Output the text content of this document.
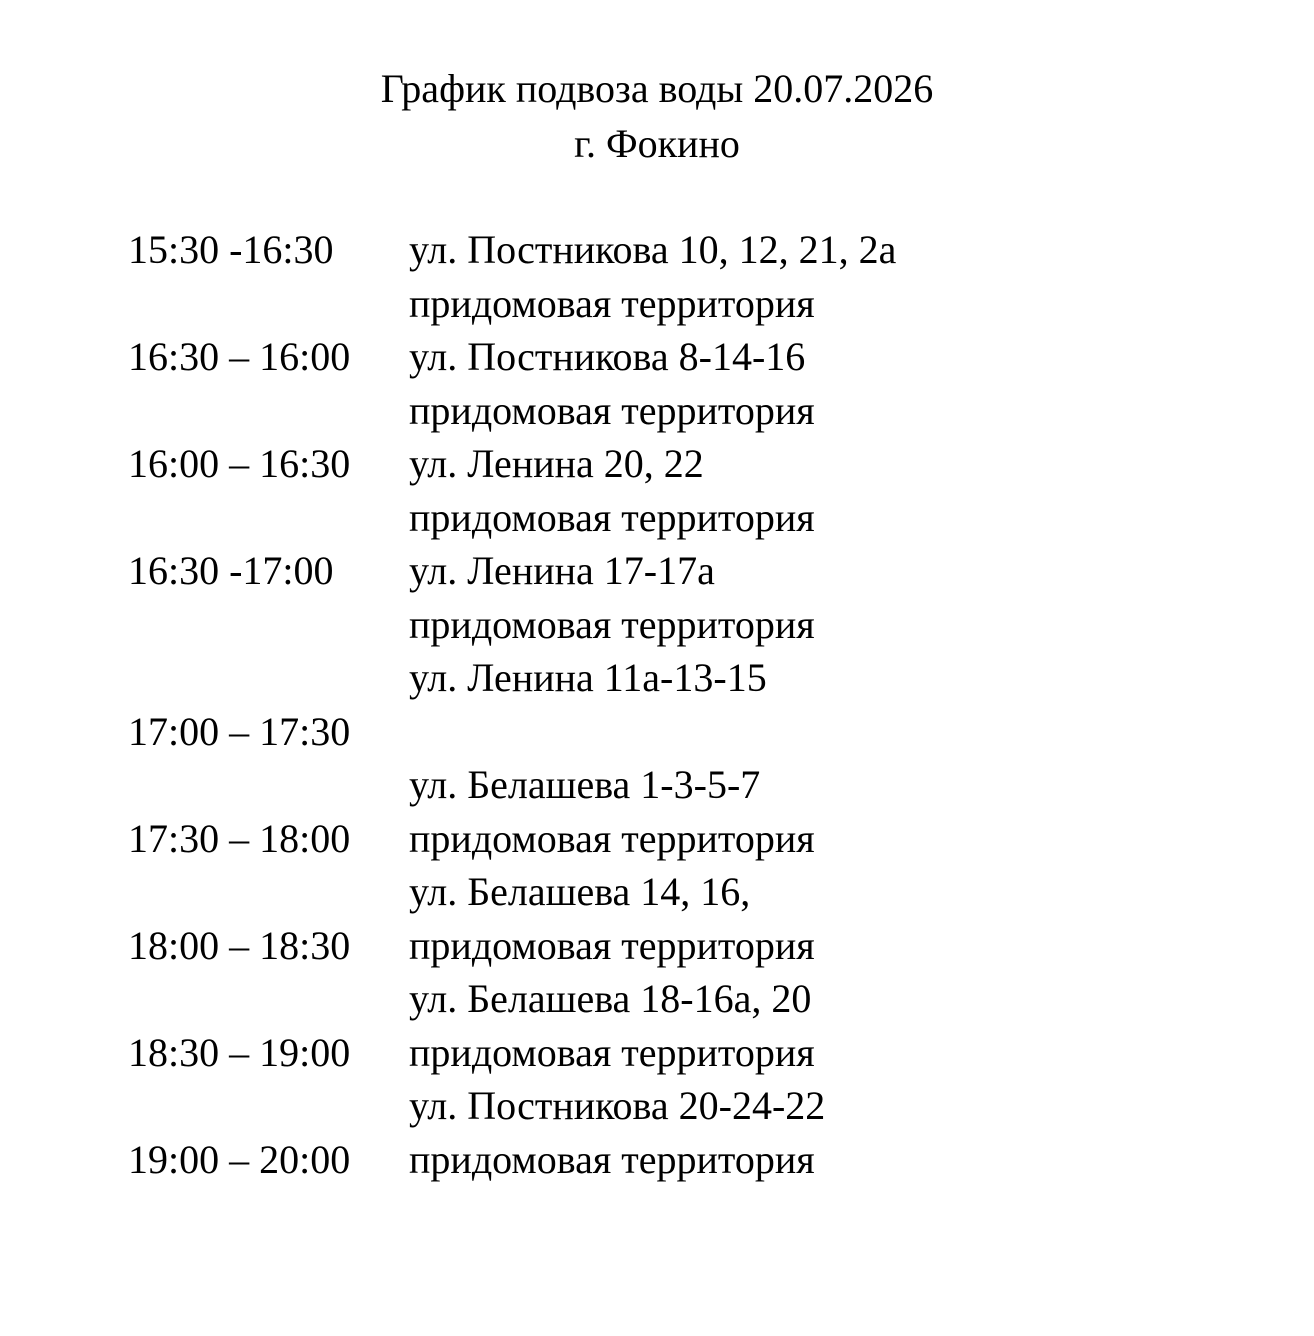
График подвоза воды 20.07.2026
г. Фокино
15:30 -16:30 ул. Постникова 10, 12, 21, 2а
придомовая территория
16:30 – 16:00 ул. Постникова 8-14-16
придомовая территория
16:00 – 16:30 ул. Ленина 20, 22
придомовая территория
16:30 -17:00 ул. Ленина 17-17а
придомовая территория
ул. Ленина 11а-13-15
17:00 – 17:30
ул. Белашева 1-3-5-7
17:30 – 18:00 придомовая территория
ул. Белашева 14, 16,
18:00 – 18:30 придомовая территория
ул. Белашева 18-16а, 20
18:30 – 19:00 придомовая территория
ул. Постникова 20-24-22
19:00 – 20:00 придомовая территория
